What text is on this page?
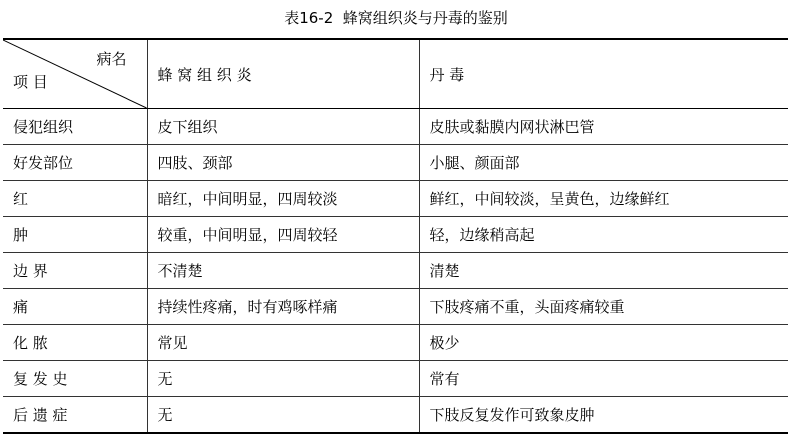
表16-2  蜂窝组织炎与丹毒的鉴别
病名
项 目	蜂 窝 组 织 炎	丹 毒
侵犯组织	皮下组织	皮肤或黏膜内网状淋巴管
好发部位	四肢、颈部	小腿、颜面部
红	暗红，中间明显，四周较淡	鲜红，中间较淡，呈黄色，边缘鲜红
肿	较重，中间明显，四周较轻	轻，边缘稍高起
边 界	不清楚	清楚
痛	持续性疼痛，时有鸡啄样痛	下肢疼痛不重，头面疼痛较重
化 脓	常见	极少
复 发 史	无	常有
后 遗 症	无	下肢反复发作可致象皮肿
